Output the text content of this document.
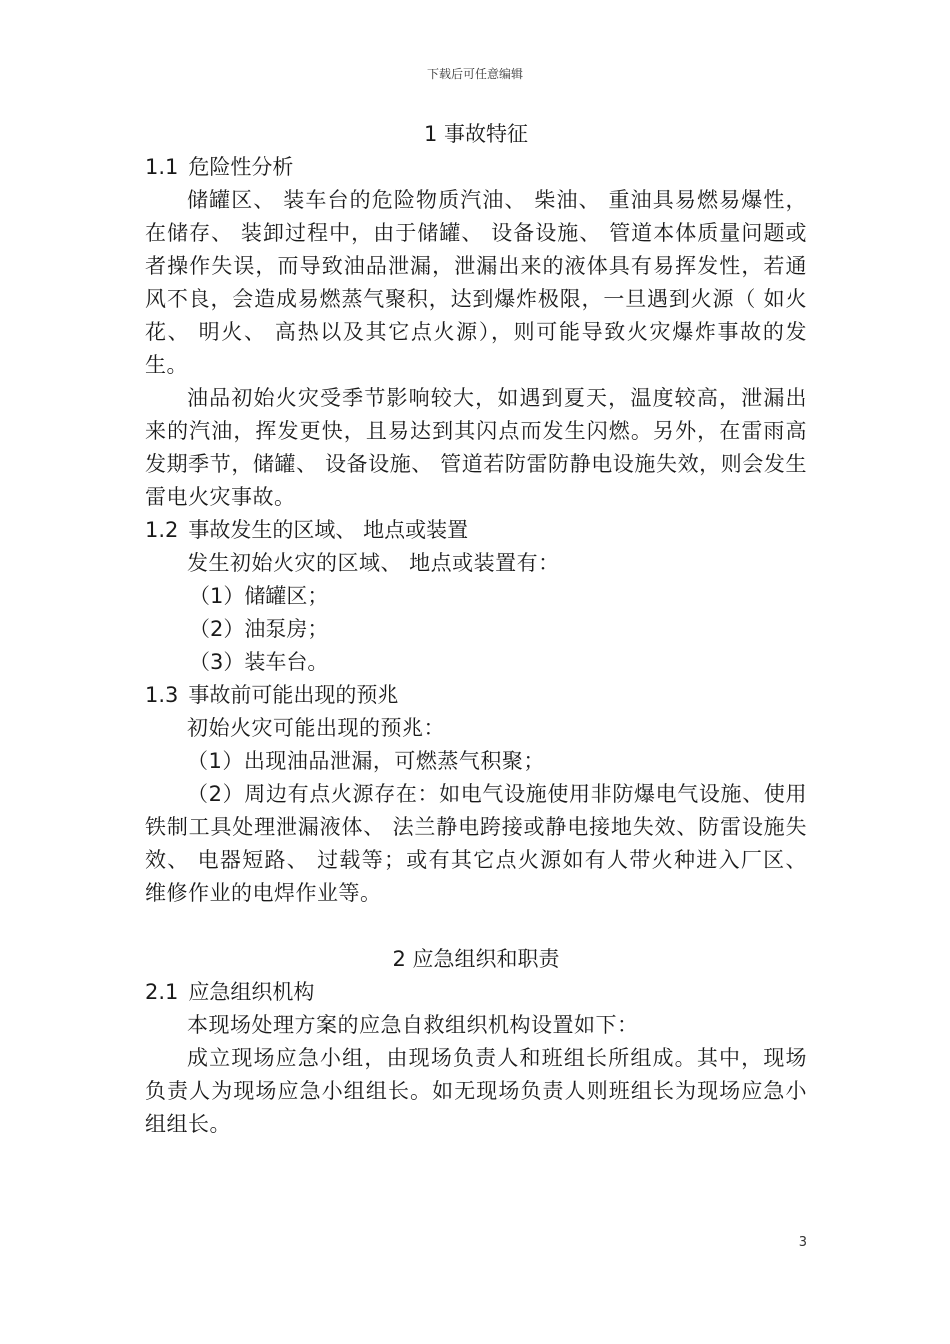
下载后可任意编辑
1 事故特征
1.1 危险性分析

储罐区、 装车台的危险物质汽油、 柴油、 重油具易燃易爆性，在储存、 装卸过程中，由于储罐、 设备设施、 管道本体质量问题或者操作失误，而导致油品泄漏，泄漏出来的液体具有易挥发性，若通风不良，会造成易燃蒸气聚积，达到爆炸极限，一旦遇到火源（ 如火花、 明火、 高热以及其它点火源），则可能导致火灾爆炸事故的发生。

油品初始火灾受季节影响较大，如遇到夏天，温度较高，泄漏出来的汽油，挥发更快，且易达到其闪点而发生闪燃。另外，在雷雨高发期季节，储罐、 设备设施、 管道若防雷防静电设施失效，则会发生雷电火灾事故。

1.2 事故发生的区域、 地点或装置

发生初始火灾的区域、 地点或装置有：

（1）储罐区；
（2）油泵房；
（3）装车台。
1.3 事故前可能出现的预兆

初始火灾可能出现的预兆：

（1）出现油品泄漏，可燃蒸气积聚；

（2）周边有点火源存在：如电气设施使用非防爆电气设施、使用铁制工具处理泄漏液体、 法兰静电跨接或静电接地失效、防雷设施失效、 电器短路、 过载等；或有其它点火源如有人带火种进入厂区、 维修作业的电焊作业等。

2 应急组织和职责
2.1 应急组织机构

本现场处理方案的应急自救组织机构设置如下：

成立现场应急小组，由现场负责人和班组长所组成。其中，现场负责人为现场应急小组组长。如无现场负责人则班组长为现场应急小组组长。

3
